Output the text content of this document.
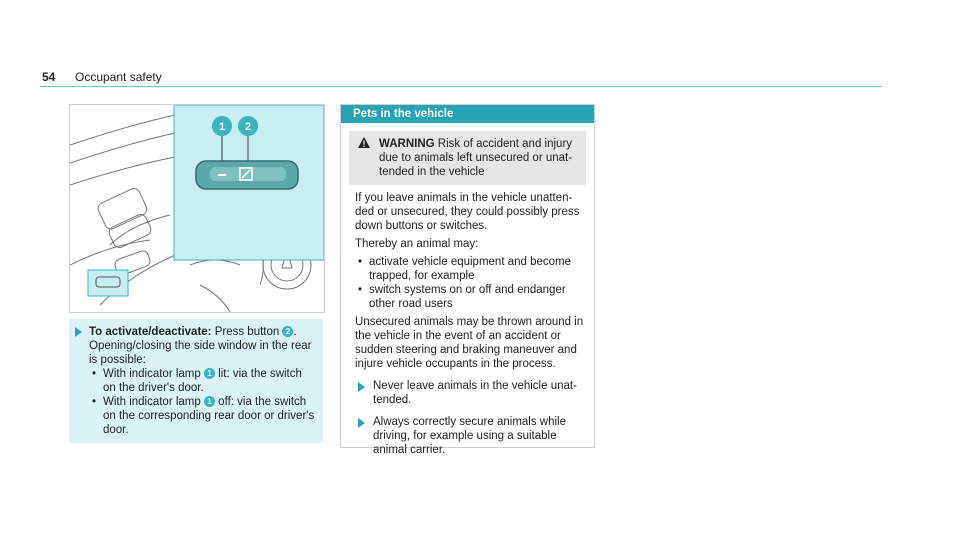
54 Occupant safety
1 2
To activate/deactivate: Press button 2 .
Opening/closing the side window in the rear is possible:
• With indicator lamp 1 lit: via the switch on the driver's door.
• With indicator lamp 1 off: via the switch on the corresponding rear door or driver's door.
Pets in the vehicle
WARNING Risk of accident and injury due to animals left unsecured or unattended in the vehicle

If you leave animals in the vehicle unattended or unsecured, they could possibly press down buttons or switches.

Thereby an animal may:

• activate vehicle equipment and become trapped, for example
• switch systems on or off and endanger other road users

Unsecured animals may be thrown around in the vehicle in the event of an accident or sudden steering and braking maneuver and injure vehicle occupants in the process.

Never leave animals in the vehicle unattended.
Always correctly secure animals while driving, for example using a suitable animal carrier.
